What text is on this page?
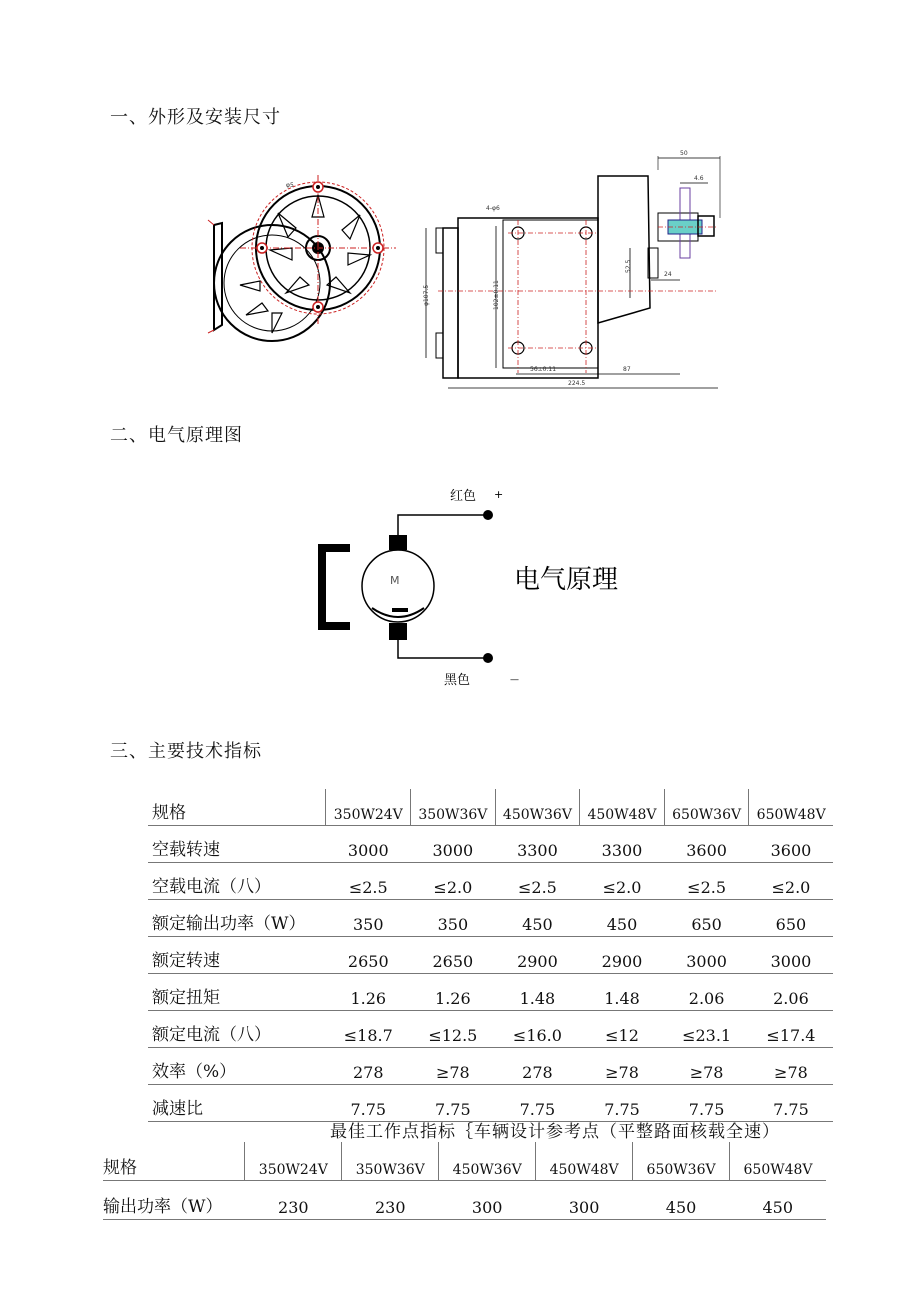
一、外形及安装尺寸
二、电气原理图
三、主要技术指标
φ5
50
4.6
4-φ6
52.5
24
φ107.5	102±0.11
56±0.11	87
224.5
M
红色 +
黑色	—
电气原理
规格	350W24V	350W36V	450W36V	450W48V	650W36V	650W48V
空载转速	3000	3000	3300	3300	3600	3600
空载电流（八）	≤2.5	≤2.0	≤2.5	≤2.0	≤2.5	≤2.0
额定输出功率（W）	350	350	450	450	650	650
额定转速	2650	2650	2900	2900	3000	3000
额定扭矩	1.26	1.26	1.48	1.48	2.06	2.06
额定电流（八）	≤18.7	≤12.5	≤16.0	≤12	≤23.1	≤17.4
效率（%）	278	≥78	278	≥78	≥78	≥78
减速比	7.75	7.75	7.75	7.75	7.75	7.75
最佳工作点指标｛车辆设计参考点（平整路面核载全速）
规格	350W24V	350W36V	450W36V	450W48V	650W36V	650W48V
输出功率（W）	230	230	300	300	450	450
